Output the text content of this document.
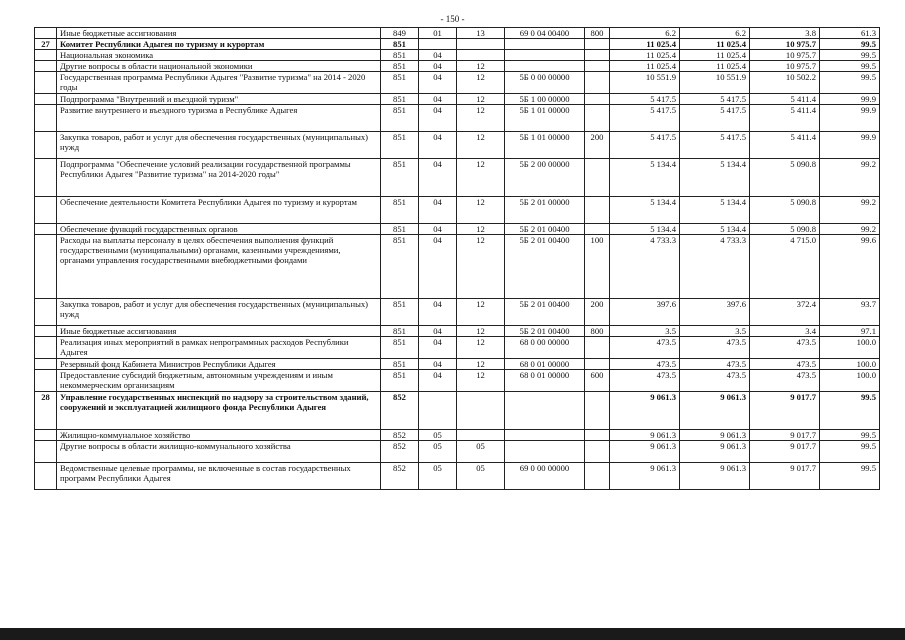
- 150 -
	Иные бюджетные ассигнования	849	01	13	69 0 04 00400	800	6.2	6.2	3.8	61.3
27	Комитет Республики Адыгея по туризму и курортам	851					11 025.4	11 025.4	10 975.7	99.5
	Национальная экономика	851	04				11 025.4	11 025.4	10 975.7	99.5
	Другие вопросы в области национальной экономики	851	04	12			11 025.4	11 025.4	10 975.7	99.5
	Государственная программа Республики Адыгея "Развитие туризма" на 2014 - 2020 годы	851	04	12	5Б 0 00 00000		10 551.9	10 551.9	10 502.2	99.5
	Подпрограмма "Внутренний и въездной туризм"	851	04	12	5Б 1 00 00000		5 417.5	5 417.5	5 411.4	99.9
	Развитие внутреннего и въездного туризма в Республике Адыгея	851	04	12	5Б 1 01 00000		5 417.5	5 417.5	5 411.4	99.9
	Закупка товаров, работ и услуг для обеспечения государственных (муниципальных) нужд	851	04	12	5Б 1 01 00000	200	5 417.5	5 417.5	5 411.4	99.9
	Подпрограмма "Обеспечение условий реализации государственной программы Республики Адыгея "Развитие туризма" на 2014-2020 годы"	851	04	12	5Б 2 00 00000		5 134.4	5 134.4	5 090.8	99.2
	Обеспечение деятельности Комитета Республики Адыгея по туризму и курортам	851	04	12	5Б 2 01 00000		5 134.4	5 134.4	5 090.8	99.2
	Обеспечение функций государственных органов	851	04	12	5Б 2 01 00400		5 134.4	5 134.4	5 090.8	99.2
	Расходы на выплаты персоналу в целях обеспечения выполнения функций государственными (муниципальными) органами, казенными учреждениями, органами управления государственными внебюджетными фондами	851	04	12	5Б 2 01 00400	100	4 733.3	4 733.3	4 715.0	99.6
	Закупка товаров, работ и услуг для обеспечения государственных (муниципальных) нужд	851	04	12	5Б 2 01 00400	200	397.6	397.6	372.4	93.7
	Иные бюджетные ассигнования	851	04	12	5Б 2 01 00400	800	3.5	3.5	3.4	97.1
	Реализация иных мероприятий в рамках непрограммных расходов Республики Адыгея	851	04	12	68 0 00 00000		473.5	473.5	473.5	100.0
	Резервный фонд Кабинета Министров Республики Адыгея	851	04	12	68 0 01 00000		473.5	473.5	473.5	100.0
	Предоставление субсидий бюджетным, автономным учреждениям и иным некоммерческим организациям	851	04	12	68 0 01 00000	600	473.5	473.5	473.5	100.0
28	Управление государственных инспекций по надзору за строительством зданий, сооружений и эксплуатацией жилищного фонда Республики Адыгея	852					9 061.3	9 061.3	9 017.7	99.5
	Жилищно-коммунальное хозяйство	852	05				9 061.3	9 061.3	9 017.7	99.5
	Другие вопросы в области жилищно-коммунального хозяйства	852	05	05			9 061.3	9 061.3	9 017.7	99.5
	Ведомственные целевые программы, не включенные в состав государственных программ Республики Адыгея	852	05	05	69 0 00 00000		9 061.3	9 061.3	9 017.7	99.5
